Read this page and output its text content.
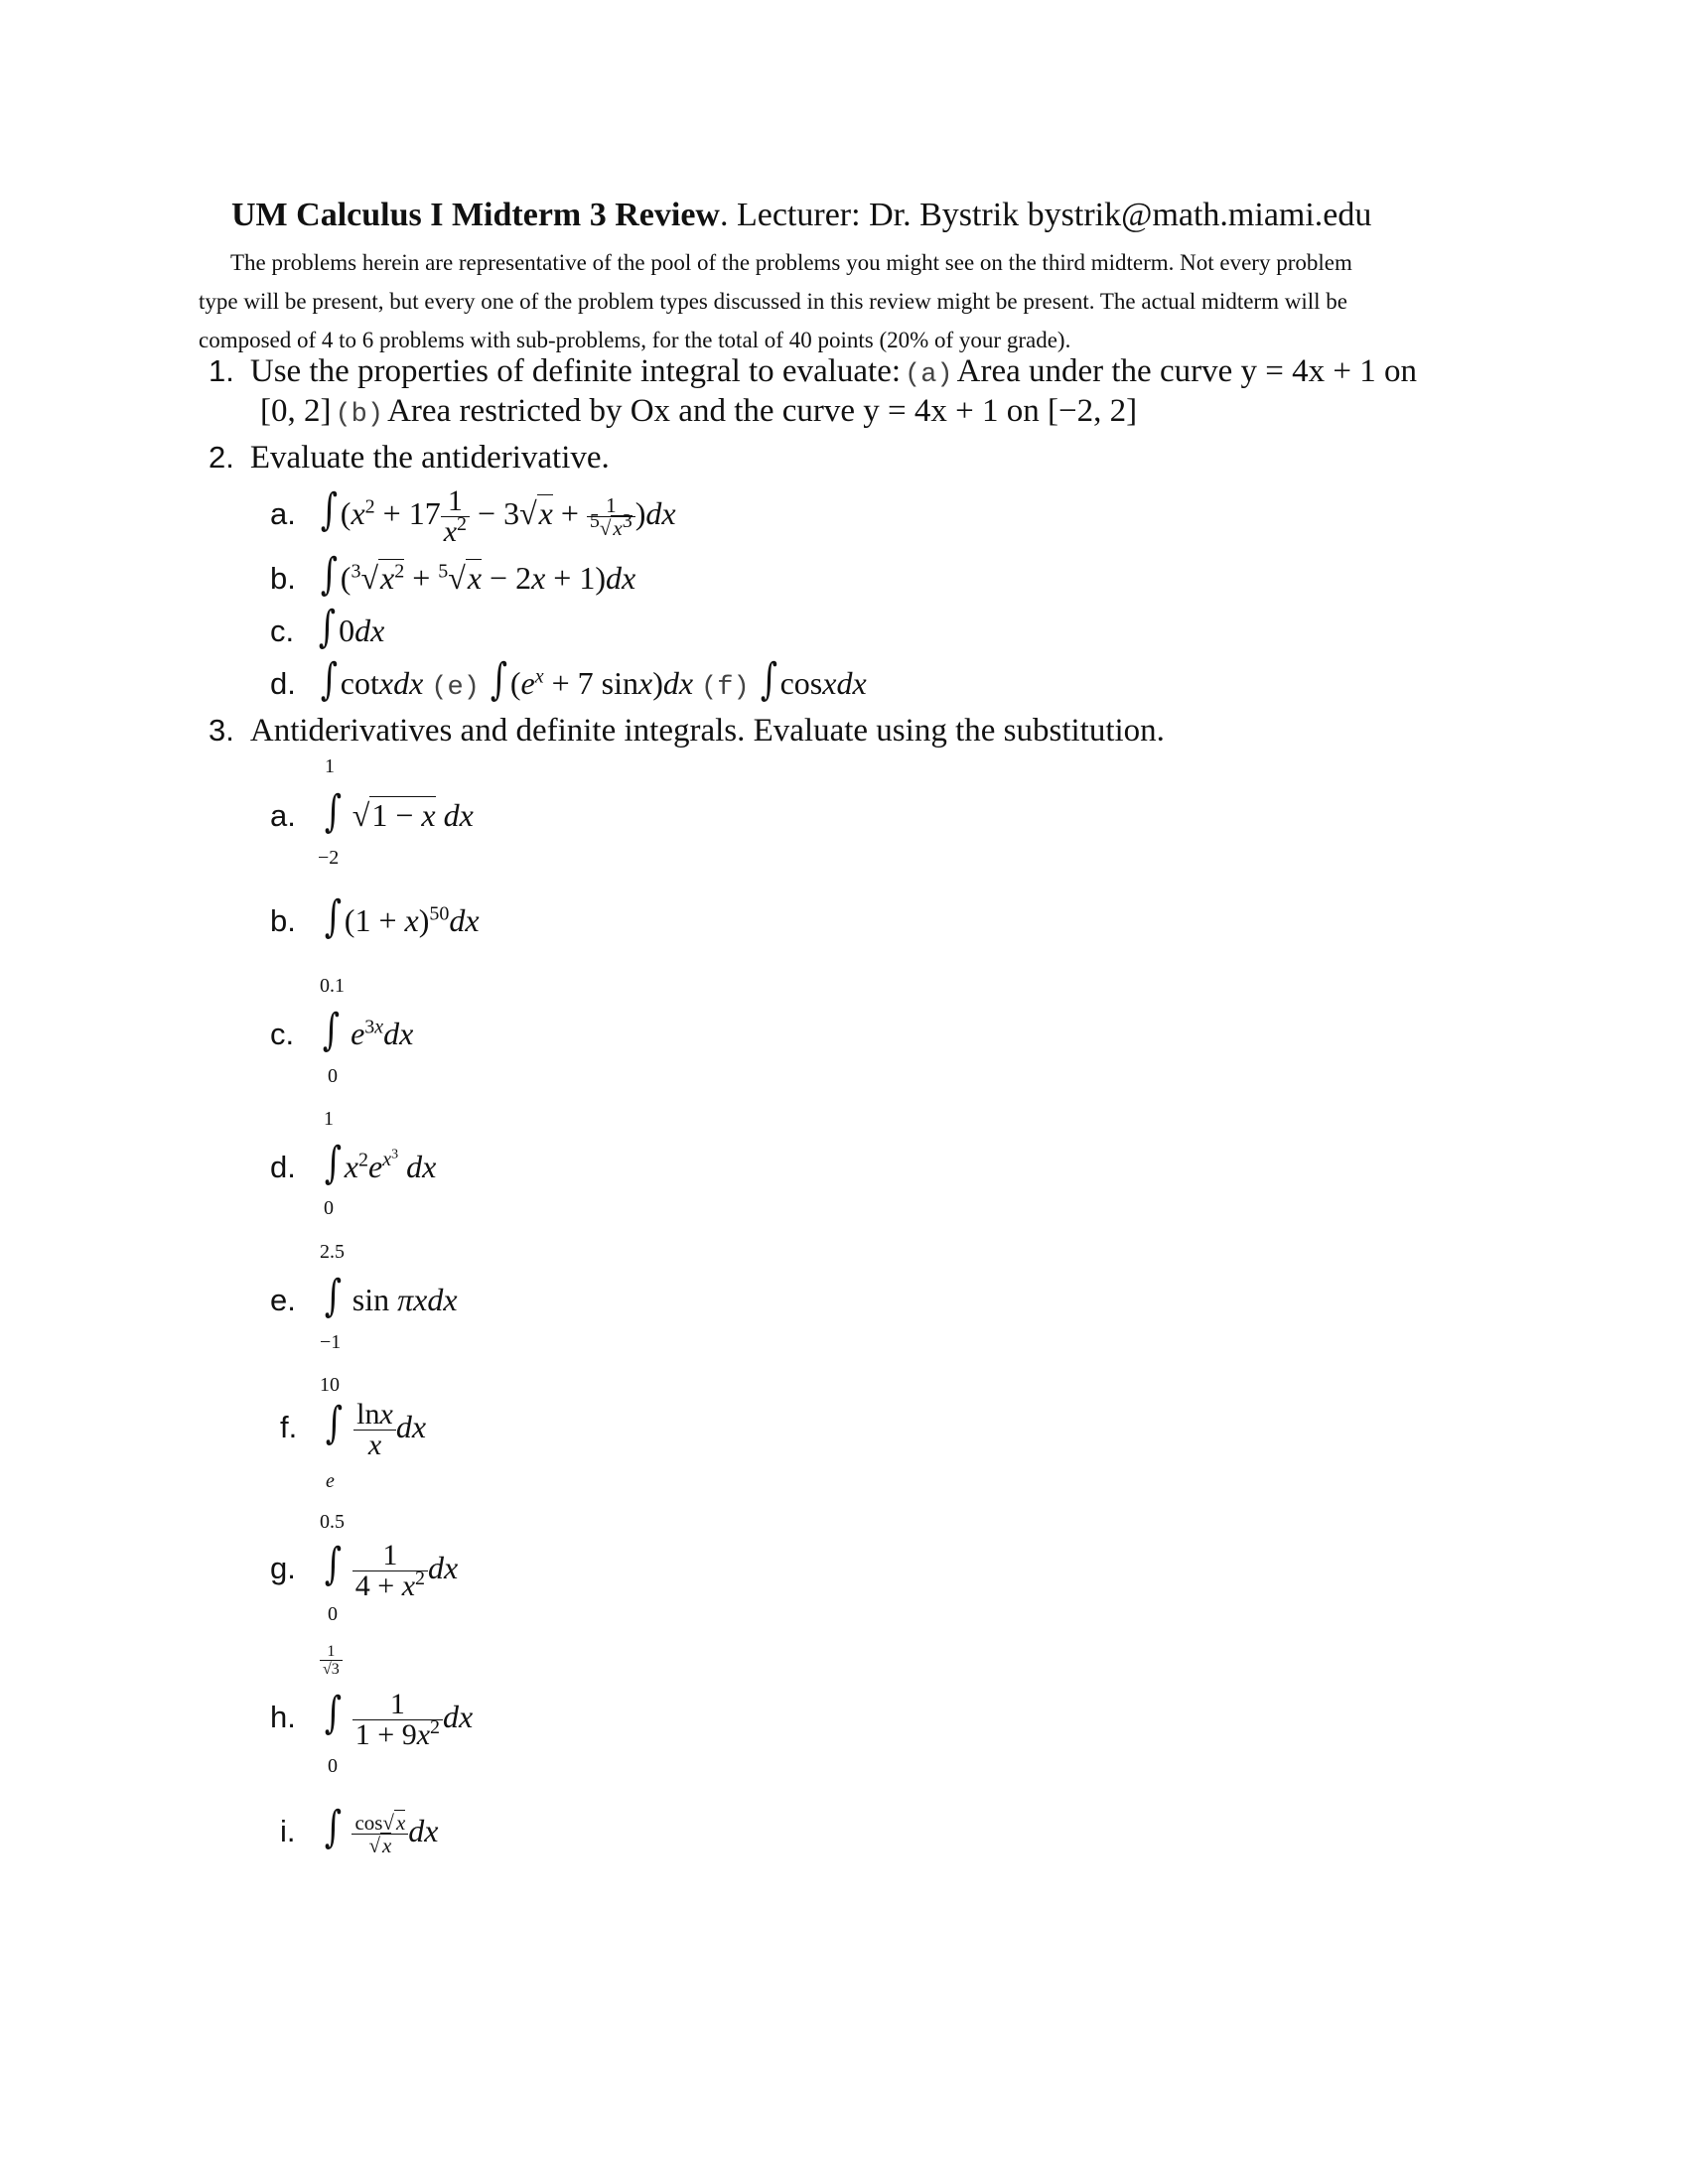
UM Calculus I Midterm 3 Review. Lecturer: Dr. Bystrik bystrik@math.miami.edu
The problems herein are representative of the pool of the problems you might see on the third midterm. Not every problem
type will be present, but every one of the problem types discussed in this review might be present. The actual midterm will be
composed of 4 to 6 problems with sub-problems, for the total of 40 points (20% of your grade).
1. Use the properties of definite integral to evaluate: (a) Area under the curve y = 4x + 1 on
[0, 2] (b) Area restricted by Ox and the curve y = 4x + 1 on [−2, 2]
2. Evaluate the antiderivative.
a. $\int(x^2 + 17 \frac{1}{x^2} - 3√x + \frac{1}{^5√x^3} )dx$
b. $\int(^3√x^2 + ^5√x - 2x + 1)dx$
c. ∫0dx
d. ∫cotxdx (e) $\int(e^x + 7$ sinx)dx (f) ∫cosxdx
3. Antiderivatives and definite integrals. Evaluate using the substitution.
1
a. ∫ √1 − x dx
−2
b. $\int(1 + x)^{50}dx$
0.1
c. ∫ $e^{3x}dx$
0
1
d. $\int x^2e^{x^3}$ dx
0
2.5
e. ∫ sin πxdx
−1
10
f. ∫ $\frac{\ln x}{x}$ dx
e
0.5
g. ∫ $\frac{1}{4 + x^2}$ dx
0
$\frac{1}{√3}$
h. ∫ $\frac{1}{1 + 9x^2}$ dx
0
i. ∫ $\frac{\cos√x}{√x}$ dx
